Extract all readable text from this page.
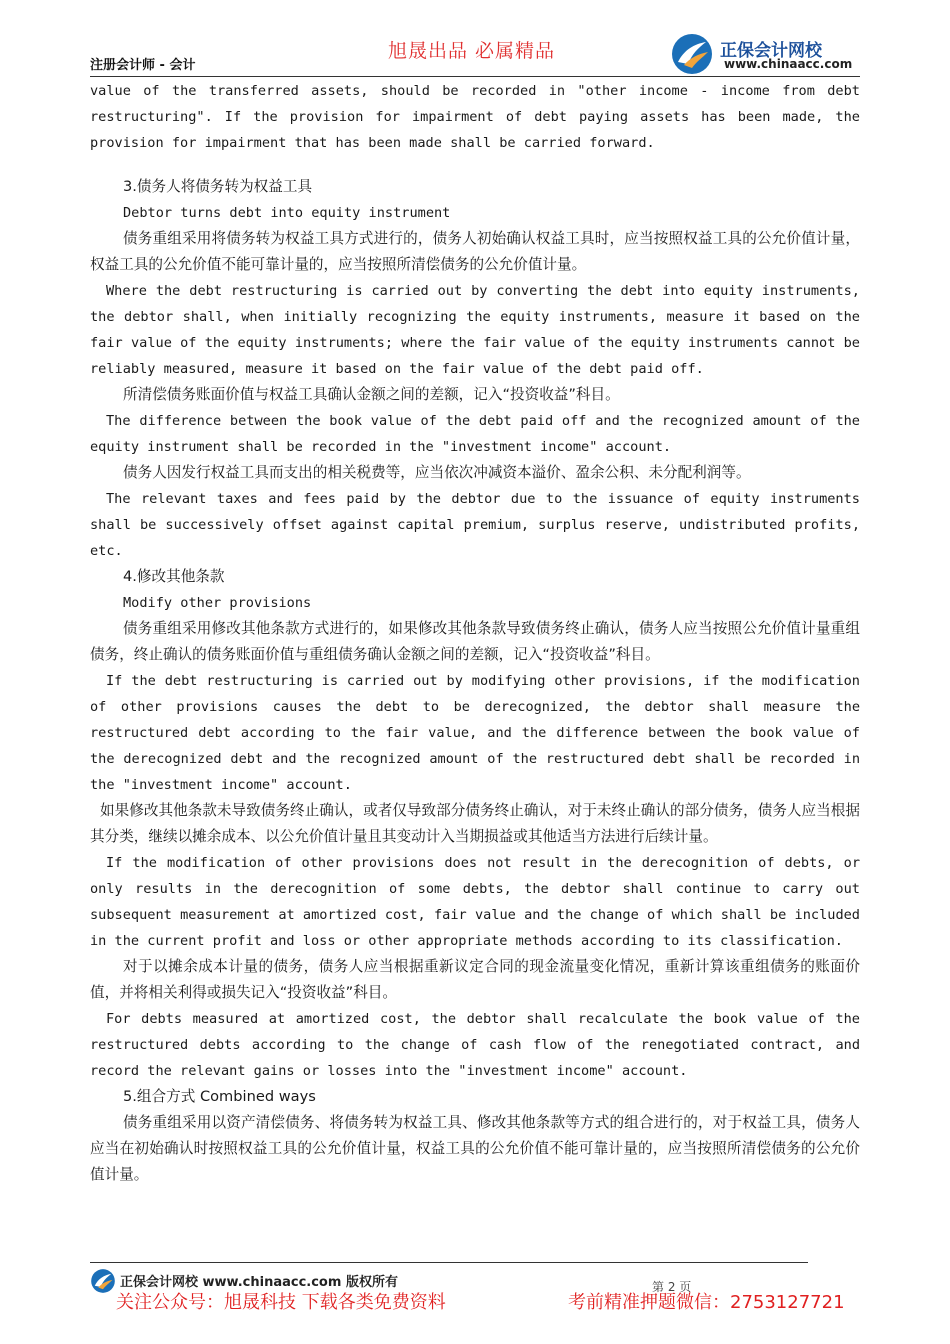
注册会计师 - 会计
旭晟出品 必属精品	正保会计网校
www.chinaacc.com

value of the transferred assets, should be recorded in "other income - income from debt restructuring". If the provision for impairment of debt paying assets has been made, the provision for impairment that has been made shall be carried forward.

3.债务人将债务转为权益工具

Debtor turns debt into equity instrument

债务重组采用将债务转为权益工具方式进行的，债务人初始确认权益工具时，应当按照权益工具的公允价值计量，权益工具的公允价值不能可靠计量的，应当按照所清偿债务的公允价值计量。

Where the debt restructuring is carried out by converting the debt into equity instruments, the debtor shall, when initially recognizing the equity instruments, measure it based on the fair value of the equity instruments; where the fair value of the equity instruments cannot be reliably measured, measure it based on the fair value of the debt paid off.

所清偿债务账面价值与权益工具确认金额之间的差额，记入“投资收益”科目。

The difference between the book value of the debt paid off and the recognized amount of the equity instrument shall be recorded in the "investment income" account.

债务人因发行权益工具而支出的相关税费等，应当依次冲减资本溢价、盈余公积、未分配利润等。

The relevant taxes and fees paid by the debtor due to the issuance of equity instruments shall be successively offset against capital premium, surplus reserve, undistributed profits, etc.

4.修改其他条款

Modify other provisions

债务重组采用修改其他条款方式进行的，如果修改其他条款导致债务终止确认，债务人应当按照公允价值计量重组债务，终止确认的债务账面价值与重组债务确认金额之间的差额，记入“投资收益”科目。

If the debt restructuring is carried out by modifying other provisions, if the modification of other provisions causes the debt to be derecognized, the debtor shall measure the restructured debt according to the fair value, and the difference between the book value of the derecognized debt and the recognized amount of the restructured debt shall be recorded in the "investment income" account.

如果修改其他条款未导致债务终止确认，或者仅导致部分债务终止确认，对于未终止确认的部分债务，债务人应当根据其分类，继续以摊余成本、以公允价值计量且其变动计入当期损益或其他适当方法进行后续计量。

If the modification of other provisions does not result in the derecognition of debts, or only results in the derecognition of some debts, the debtor shall continue to carry out subsequent measurement at amortized cost, fair value and the change of which shall be included in the current profit and loss or other appropriate methods according to its classification.

对于以摊余成本计量的债务，债务人应当根据重新议定合同的现金流量变化情况，重新计算该重组债务的账面价值，并将相关利得或损失记入“投资收益”科目。

For debts measured at amortized cost, the debtor shall recalculate the book value of the restructured debts according to the change of cash flow of the renegotiated contract, and record the relevant gains or losses into the "investment income" account.

5.组合方式 Combined ways

债务重组采用以资产清偿债务、将债务转为权益工具、修改其他条款等方式的组合进行的，对于权益工具，债务人应当在初始确认时按照权益工具的公允价值计量，权益工具的公允价值不能可靠计量的，应当按照所清偿债务的公允价值计量。

正保会计网校 www.chinaacc.com 版权所有	第 2 页
关注公众号：旭晟科技 下载各类免费资料	考前精准押题微信：2753127721
